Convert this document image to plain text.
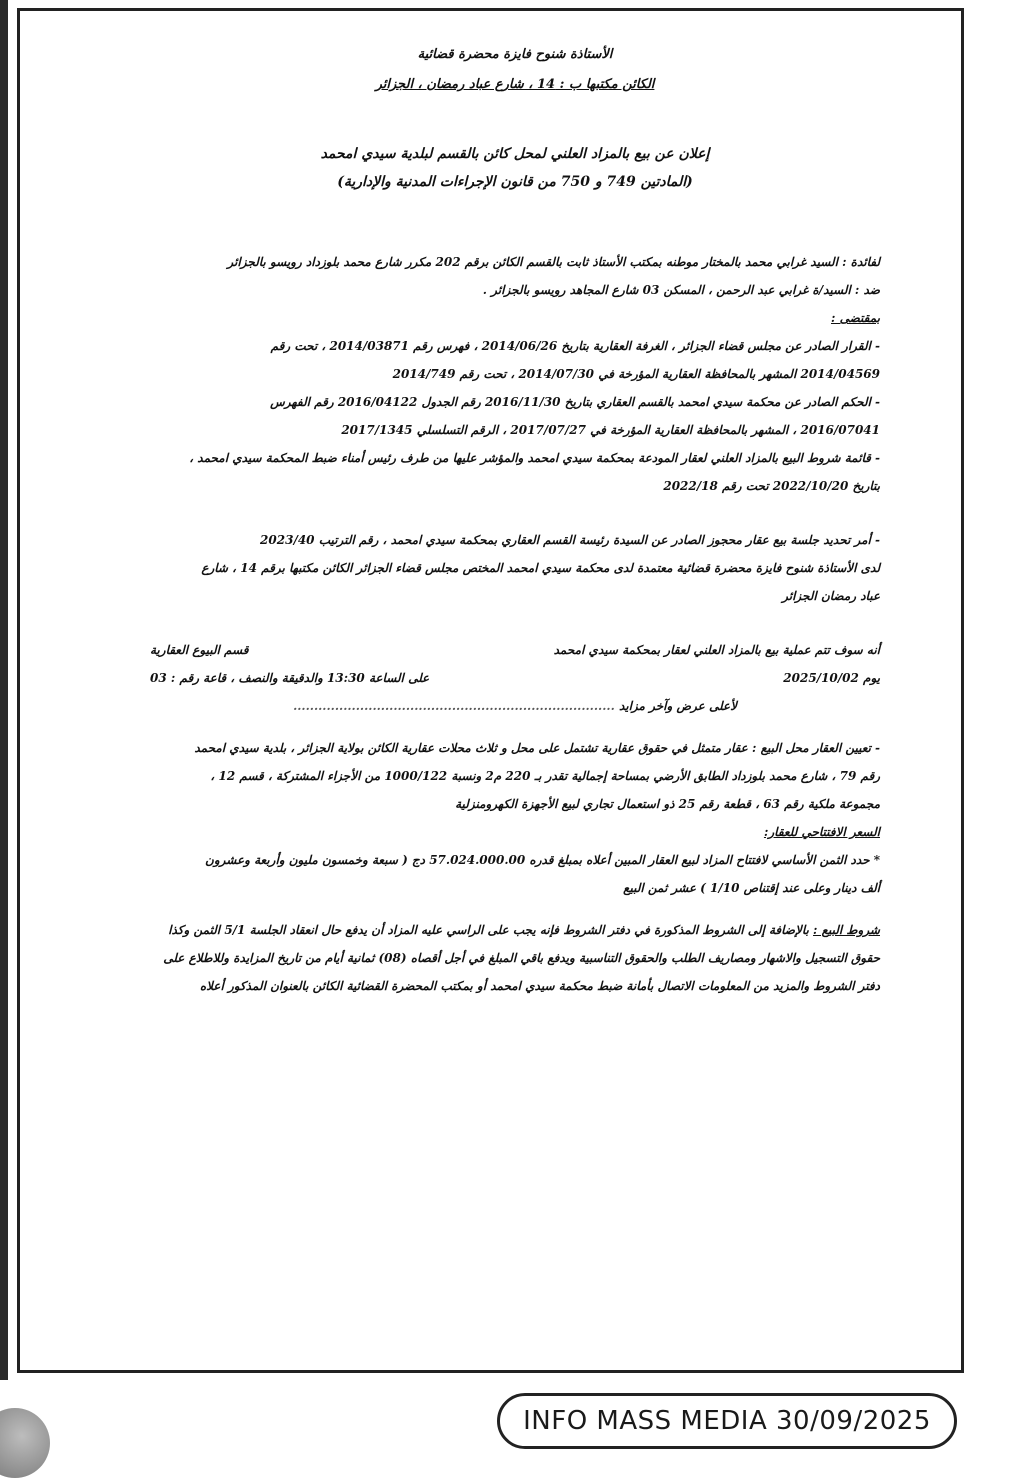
الأستاذة شنوح فايزة محضرة قضائية
الكائن مكتبها ب : 14 ، شارع عباد رمضان ، الجزائر
إعلان عن بيع بالمزاد العلني لمحل كائن بالقسم لبلدية سيدي امحمد
(المادتين 749 و 750 من قانون الإجراءات المدنية والإدارية)

لفائدة : السيد غرابي محمد بالمختار موطنه بمكتب الأستاذ ثابت بالقسم الكائن برقم 202 مكرر شارع محمد بلوزداد رويسو بالجزائر

ضد : السيد/ة غرابي عبد الرحمن ، المسكن 03 شارع المجاهد رويسو بالجزائر .

بمقتضى :

- القرار الصادر عن مجلس قضاء الجزائر ، الغرفة العقارية بتاريخ 2014/06/26 ، فهرس رقم 2014/03871 ، تحت رقم

2014/04569 المشهر بالمحافظة العقارية المؤرخة في 2014/07/30 ، تحت رقم 2014/749

- الحكم الصادر عن محكمة سيدي امحمد بالقسم العقاري بتاريخ 2016/11/30 رقم الجدول 2016/04122 رقم الفهرس

2016/07041 ، المشهر بالمحافظة العقارية المؤرخة في 2017/07/27 ، الرقم التسلسلي 2017/1345

- قائمة شروط البيع بالمزاد العلني لعقار المودعة بمحكمة سيدي امحمد والمؤشر عليها من طرف رئيس أمناء ضبط المحكمة سيدي امحمد ،

بتاريخ 2022/10/20 تحت رقم 2022/18

- أمر تحديد جلسة بيع عقار محجوز الصادر عن السيدة رئيسة القسم العقاري بمحكمة سيدي امحمد ، رقم الترتيب 2023/40

لدى الأستاذة شنوح فايزة محضرة قضائية معتمدة لدى محكمة سيدي امحمد المختص مجلس قضاء الجزائر الكائن مكتبها برقم 14 ، شارع

عباد رمضان الجزائر

أنه سوف تتم عملية بيع بالمزاد العلني لعقار بمحكمة سيدي امحمد
قسم البيوع العقارية
يوم 2025/10/02
على الساعة 13:30 والدقيقة والنصف ، قاعة رقم : 03

لأعلى عرض وآخر مزايد .............................................................................

- تعيين العقار محل البيع : عقار متمثل في حقوق عقارية تشتمل على محل و ثلاث محلات عقارية الكائن بولاية الجزائر ، بلدية سيدي امحمد

رقم 79 ، شارع محمد بلوزداد الطابق الأرضي بمساحة إجمالية تقدر بـ 220 م2 ونسبة 1000/122 من الأجزاء المشتركة ، قسم 12 ،

مجموعة ملكية رقم 63 ، قطعة رقم 25 ذو استعمال تجاري لبيع الأجهزة الكهرومنزلية

السعر الافتتاحي للعقار:

* حدد الثمن الأساسي لافتتاح المزاد لبيع العقار المبين أعلاه بمبلغ قدره 57.024.000.00 دج ( سبعة وخمسون مليون وأربعة وعشرون

ألف دينار وعلى عند إقتناص 1/10 ) عشر ثمن البيع

شروط البيع : بالإضافة إلى الشروط المذكورة في دفتر الشروط فإنه يجب على الراسي عليه المزاد أن يدفع حال انعقاد الجلسة 5/1 الثمن وكذا

حقوق التسجيل والاشهار ومصاريف الطلب والحقوق التناسبية ويدفع باقي المبلغ في أجل أقصاه (08) ثمانية أيام من تاريخ المزايدة وللاطلاع على

دفتر الشروط والمزيد من المعلومات الاتصال بأمانة ضبط محكمة سيدي امحمد أو بمكتب المحضرة القضائية الكائن بالعنوان المذكور أعلاه

INFO MASS MEDIA 30/09/2025
